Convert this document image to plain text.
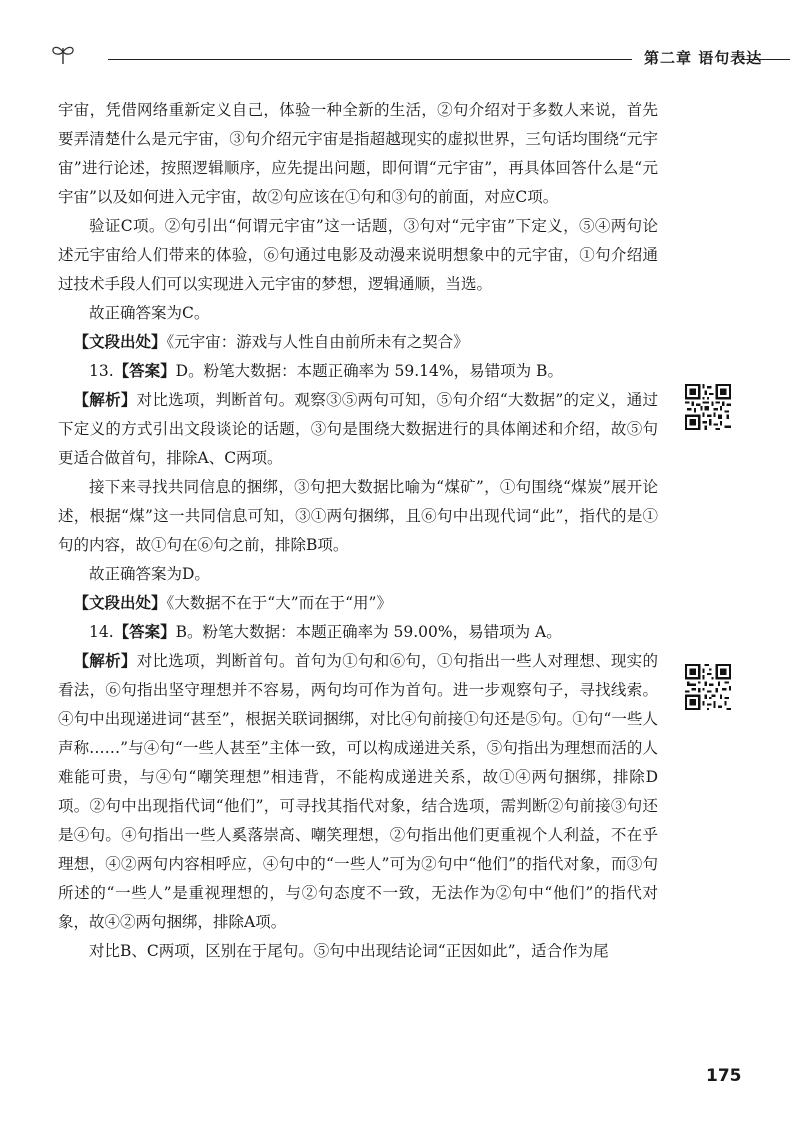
第二章 语句表达

宇宙，凭借网络重新定义自己，体验一种全新的生活，②句介绍对于多数人来说，首先要弄清楚什么是元宇宙，③句介绍元宇宙是指超越现实的虚拟世界，三句话均围绕“元宇宙”进行论述，按照逻辑顺序，应先提出问题，即何谓“元宇宙”，再具体回答什么是“元宇宙”以及如何进入元宇宙，故②句应该在①句和③句的前面，对应C项。

验证C项。②句引出“何谓元宇宙”这一话题，③句对“元宇宙”下定义，⑤④两句论述元宇宙给人们带来的体验，⑥句通过电影及动漫来说明想象中的元宇宙，①句介绍通过技术手段人们可以实现进入元宇宙的梦想，逻辑通顺，当选。

故正确答案为C。

【文段出处】《元宇宙：游戏与人性自由前所未有之契合》

13.【答案】D。粉笔大数据：本题正确率为 59.14%，易错项为 B。

【解析】对比选项，判断首句。观察③⑤两句可知，⑤句介绍“大数据”的定义，通过下定义的方式引出文段谈论的话题，③句是围绕大数据进行的具体阐述和介绍，故⑤句更适合做首句，排除A、C两项。

接下来寻找共同信息的捆绑，③句把大数据比喻为“煤矿”，①句围绕“煤炭”展开论述，根据“煤”这一共同信息可知，③①两句捆绑，且⑥句中出现代词“此”，指代的是①句的内容，故①句在⑥句之前，排除B项。

故正确答案为D。

【文段出处】《大数据不在于“大”而在于“用”》

14.【答案】B。粉笔大数据：本题正确率为 59.00%，易错项为 A。

【解析】对比选项，判断首句。首句为①句和⑥句，①句指出一些人对理想、现实的看法，⑥句指出坚守理想并不容易，两句均可作为首句。进一步观察句子，寻找线索。④句中出现递进词“甚至”，根据关联词捆绑，对比④句前接①句还是⑤句。①句“一些人声称……”与④句“一些人甚至”主体一致，可以构成递进关系，⑤句指出为理想而活的人难能可贵，与④句“嘲笑理想”相违背，不能构成递进关系，故①④两句捆绑，排除D项。②句中出现指代词“他们”，可寻找其指代对象，结合选项，需判断②句前接③句还是④句。④句指出一些人奚落崇高、嘲笑理想，②句指出他们更重视个人利益，不在乎理想，④②两句内容相呼应，④句中的“一些人”可为②句中“他们”的指代对象，而③句所述的“一些人”是重视理想的，与②句态度不一致，无法作为②句中“他们”的指代对象，故④②两句捆绑，排除A项。

对比B、C两项，区别在于尾句。⑤句中出现结论词“正因如此”，适合作为尾

175
